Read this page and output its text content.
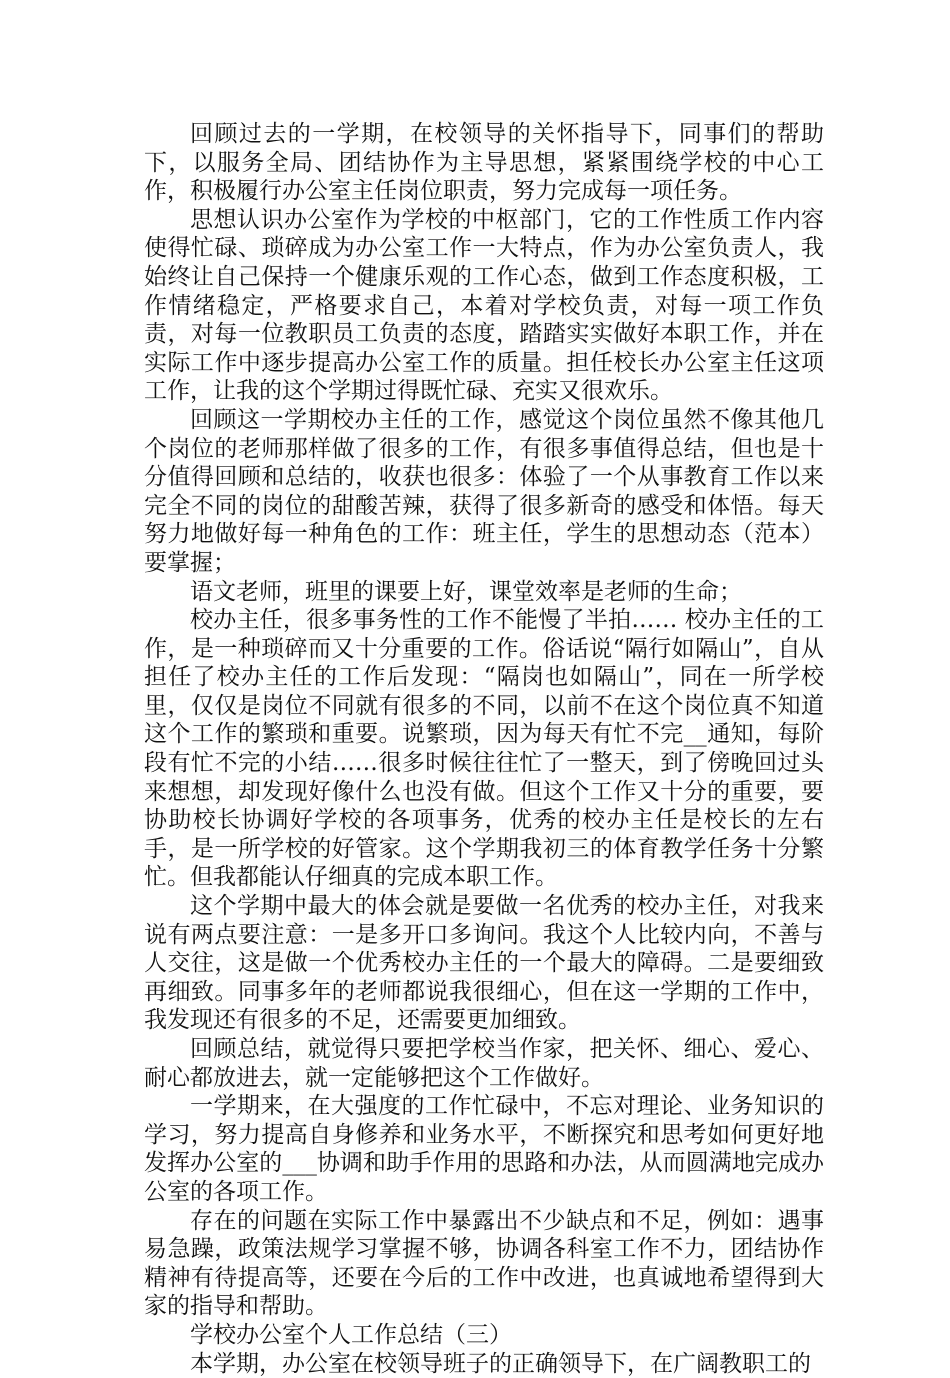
回顾过去的一学期，在校领导的关怀指导下，同事们的帮助下，以服务全局、团结协作为主导思想，紧紧围绕学校的中心工作，积极履行办公室主任岗位职责，努力完成每一项任务。

思想认识办公室作为学校的中枢部门，它的工作性质工作内容使得忙碌、琐碎成为办公室工作一大特点，作为办公室负责人，我始终让自己保持一个健康乐观的工作心态，做到工作态度积极，工作情绪稳定，严格要求自己，本着对学校负责，对每一项工作负责，对每一位教职员工负责的态度，踏踏实实做好本职工作，并在实际工作中逐步提高办公室工作的质量。担任校长办公室主任这项工作，让我的这个学期过得既忙碌、充实又很欢乐。

回顾这一学期校办主任的工作，感觉这个岗位虽然不像其他几个岗位的老师那样做了很多的工作，有很多事值得总结，但也是十分值得回顾和总结的，收获也很多：体验了一个从事教育工作以来完全不同的岗位的甜酸苦辣，获得了很多新奇的感受和体悟。每天努力地做好每一种角色的工作：班主任，学生的思想动态（范本）要掌握；

语文老师，班里的课要上好，课堂效率是老师的生命；

校办主任，很多事务性的工作不能慢了半拍…… 校办主任的工作，是一种琐碎而又十分重要的工作。俗话说“隔行如隔山”，自从担任了校办主任的工作后发现：“隔岗也如隔山”，同在一所学校里，仅仅是岗位不同就有很多的不同，以前不在这个岗位真不知道这个工作的繁琐和重要。说繁琐，因为每天有忙不完__通知，每阶段有忙不完的小结……很多时候往往忙了一整天，到了傍晚回过头来想想，却发现好像什么也没有做。但这个工作又十分的重要，要协助校长协调好学校的各项事务，优秀的校办主任是校长的左右手，是一所学校的好管家。这个学期我初三的体育教学任务十分繁忙。但我都能认仔细真的完成本职工作。

这个学期中最大的体会就是要做一名优秀的校办主任，对我来说有两点要注意：一是多开口多询问。我这个人比较内向，不善与人交往，这是做一个优秀校办主任的一个最大的障碍。二是要细致再细致。同事多年的老师都说我很细心，但在这一学期的工作中，我发现还有很多的不足，还需要更加细致。

回顾总结，就觉得只要把学校当作家，把关怀、细心、爱心、耐心都放进去，就一定能够把这个工作做好。

一学期来，在大强度的工作忙碌中，不忘对理论、业务知识的学习，努力提高自身修养和业务水平，不断探究和思考如何更好地发挥办公室的___协调和助手作用的思路和办法，从而圆满地完成办公室的各项工作。

存在的问题在实际工作中暴露出不少缺点和不足，例如：遇事易急躁，政策法规学习掌握不够，协调各科室工作不力，团结协作精神有待提高等，还要在今后的工作中改进，也真诚地希望得到大家的指导和帮助。

学校办公室个人工作总结（三）

本学期，办公室在校领导班子的正确领导下，在广阔教职工的
